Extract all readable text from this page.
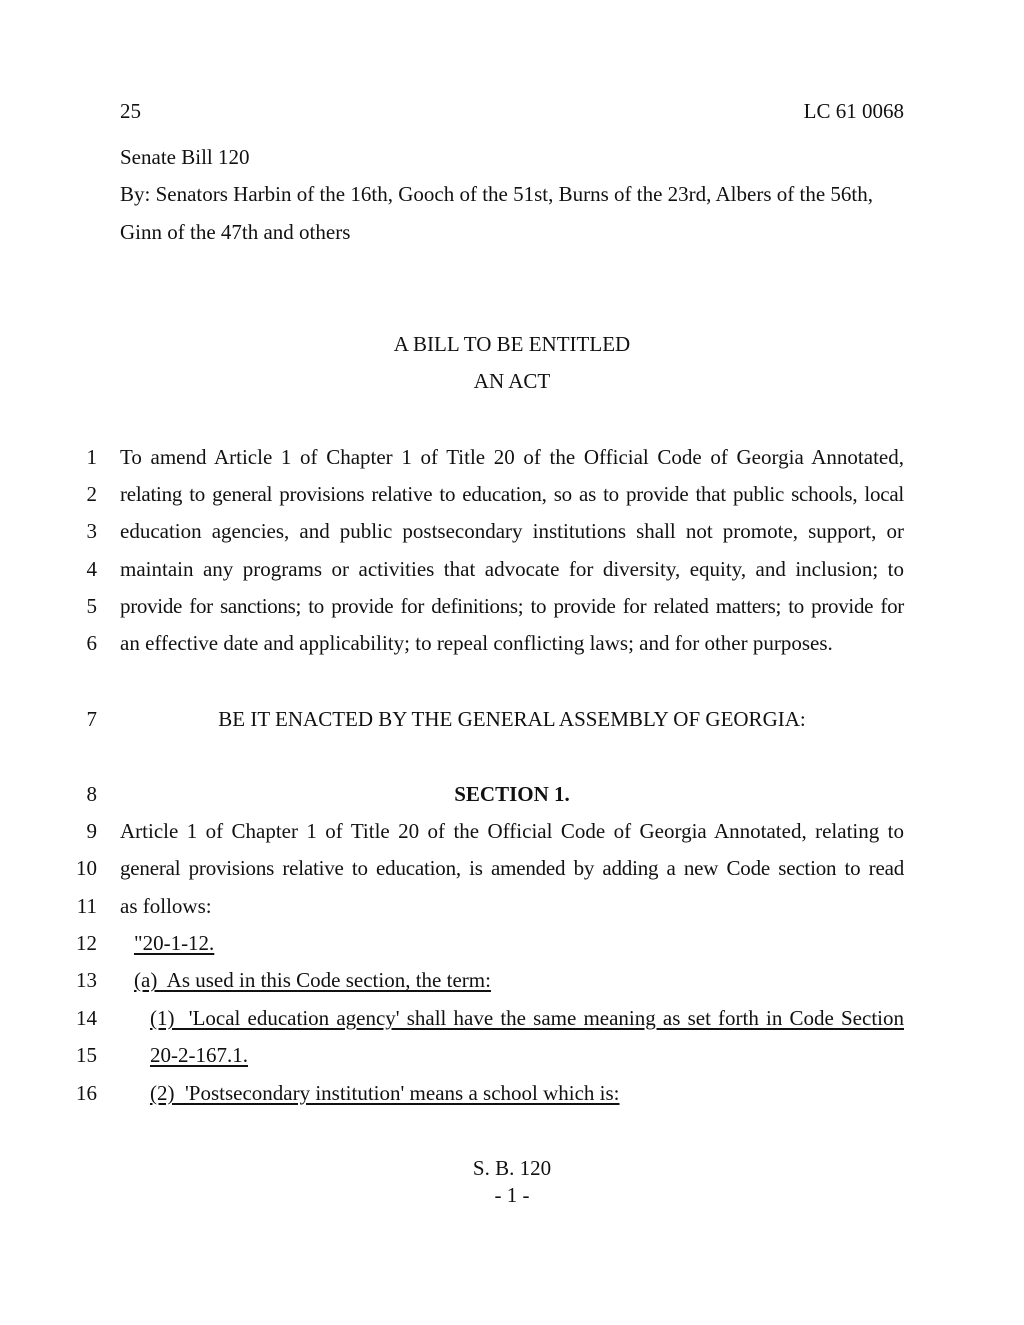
25	LC 61 0068
Senate Bill 120
By: Senators Harbin of the 16th, Gooch of the 51st, Burns of the 23rd, Albers of the 56th,
Ginn of the 47th and others
A BILL TO BE ENTITLED
AN ACT
1 To amend Article 1 of Chapter 1 of Title 20 of the Official Code of Georgia Annotated,
2 relating to general provisions relative to education, so as to provide that public schools, local
3 education agencies, and public postsecondary institutions shall not promote, support, or
4 maintain any programs or activities that advocate for diversity, equity, and inclusion; to
5 provide for sanctions; to provide for definitions; to provide for related matters; to provide for
6 an effective date and applicability; to repeal conflicting laws; and for other purposes.
7	BE IT ENACTED BY THE GENERAL ASSEMBLY OF GEORGIA:
8	SECTION 1.
9 Article 1 of Chapter 1 of Title 20 of the Official Code of Georgia Annotated, relating to
10 general provisions relative to education, is amended by adding a new Code section to read
11 as follows:
12 "20-1-12.
13 (a)  As used in this Code section, the term:
14	(1)  'Local education agency' shall have the same meaning as set forth in Code Section
15	20-2-167.1.
16	(2)  'Postsecondary institution' means a school which is:
S. B. 120
- 1 -
